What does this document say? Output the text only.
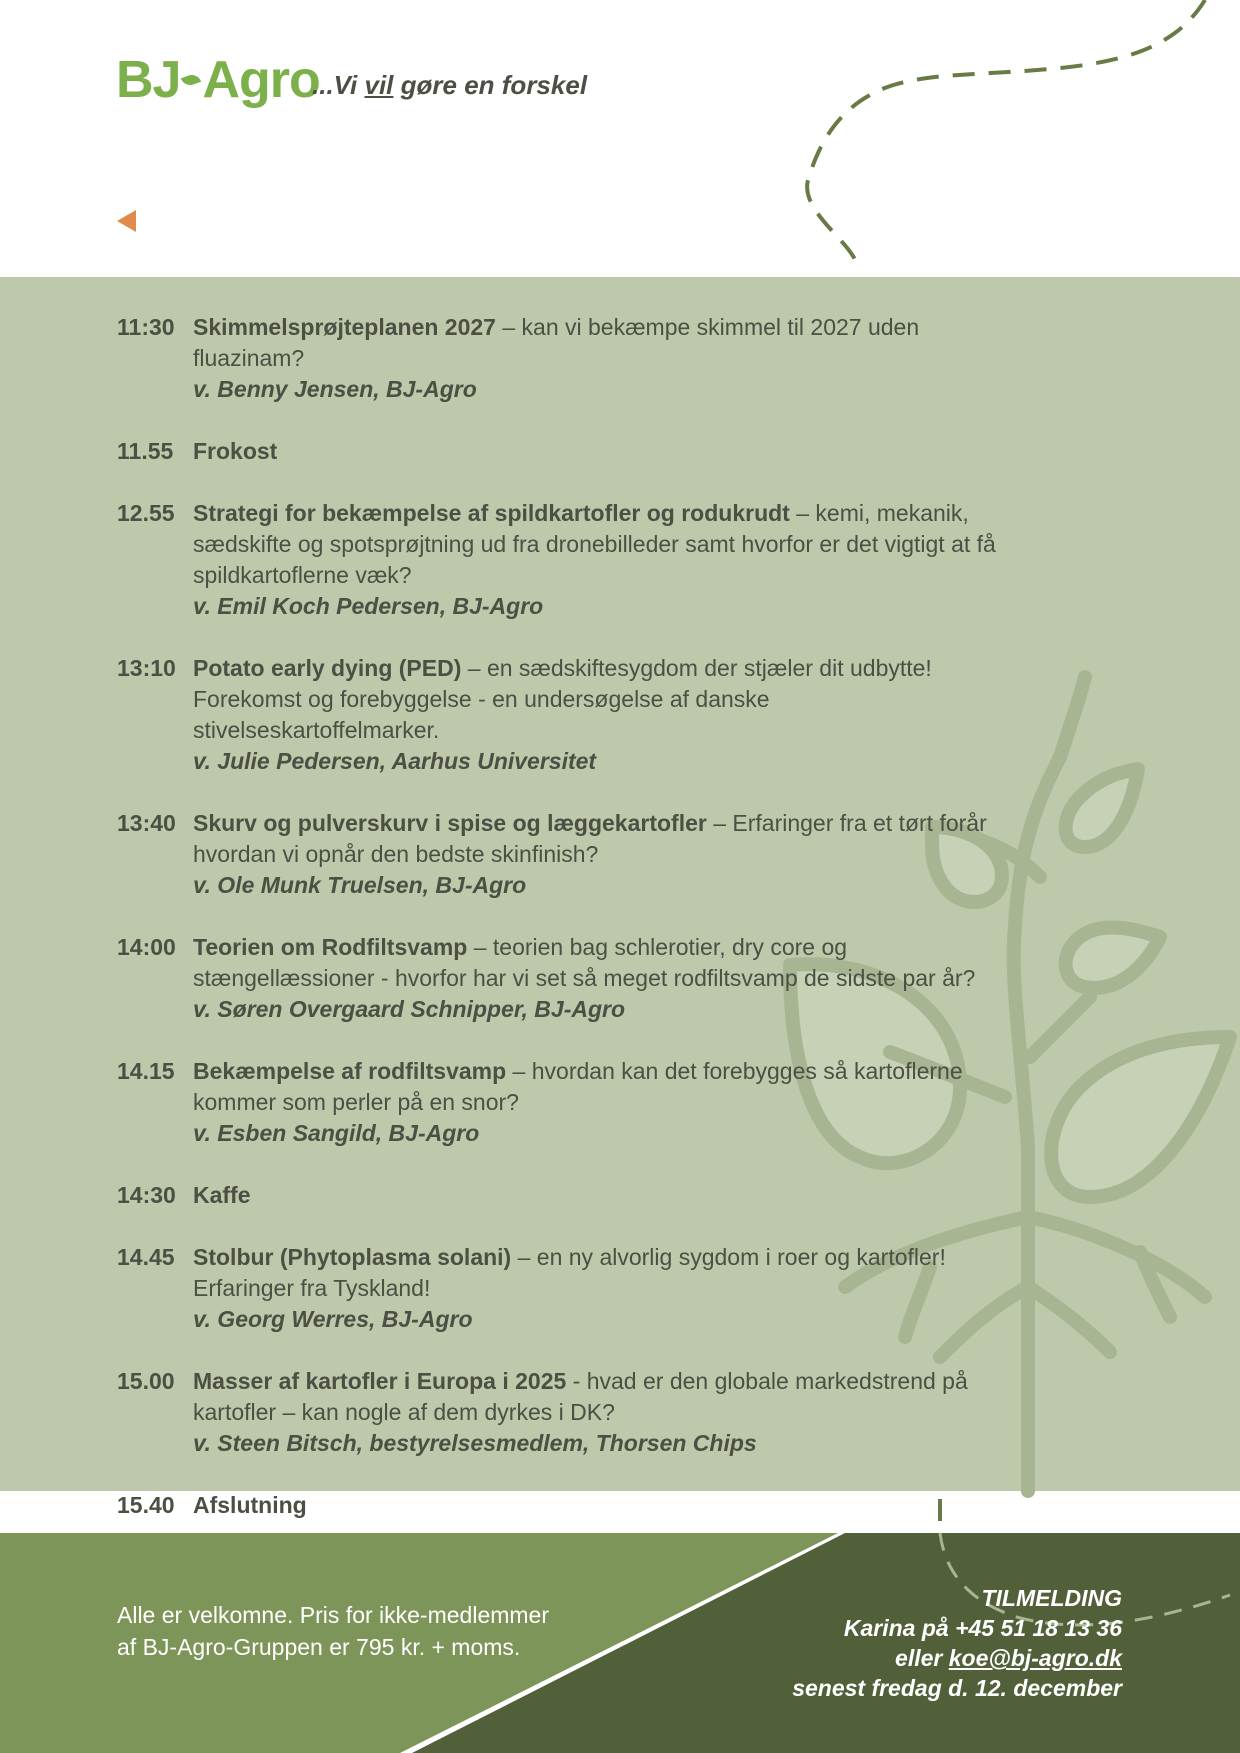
BJ Agro
...Vi vil gøre en forskel
11:30 Skimmelsprøjteplanen 2027 – kan vi bekæmpe skimmel til 2027 uden fluazinam?
v. Benny Jensen, BJ-Agro
11.55 Frokost
12.55 Strategi for bekæmpelse af spildkartofler og rodukrudt – kemi, mekanik, sædskifte og spotsprøjtning ud fra dronebilleder samt hvorfor er det vigtigt at få spildkartoflerne væk?
v. Emil Koch Pedersen, BJ-Agro
13:10 Potato early dying (PED) – en sædskiftesygdom der stjæler dit udbytte! Forekomst og forebyggelse - en undersøgelse af danske stivelseskartoffelmarker.
v. Julie Pedersen, Aarhus Universitet
13:40 Skurv og pulverskurv i spise og læggekartofler – Erfaringer fra et tørt forår hvordan vi opnår den bedste skinfinish?
v. Ole Munk Truelsen, BJ-Agro
14:00 Teorien om Rodfiltsvamp – teorien bag schlerotier, dry core og stængellæssioner - hvorfor har vi set så meget rodfiltsvamp de sidste par år?
v. Søren Overgaard Schnipper, BJ-Agro
14.15 Bekæmpelse af rodfiltsvamp – hvordan kan det forebygges så kartoflerne kommer som perler på en snor?
v. Esben Sangild, BJ-Agro
14:30 Kaffe
14.45 Stolbur (Phytoplasma solani) – en ny alvorlig sygdom i roer og kartofler! Erfaringer fra Tyskland!
v. Georg Werres, BJ-Agro
15.00 Masser af kartofler i Europa i 2025 - hvad er den globale markedstrend på kartofler – kan nogle af dem dyrkes i DK?
v. Steen Bitsch, bestyrelsesmedlem, Thorsen Chips
15.40 Afslutning
Alle er velkomne. Pris for ikke-medlemmer
af BJ-Agro-Gruppen er 795 kr. + moms.
TILMELDING
Karina på +45 51 18 13 36
eller koe@bj-agro.dk
senest fredag d. 12. december
